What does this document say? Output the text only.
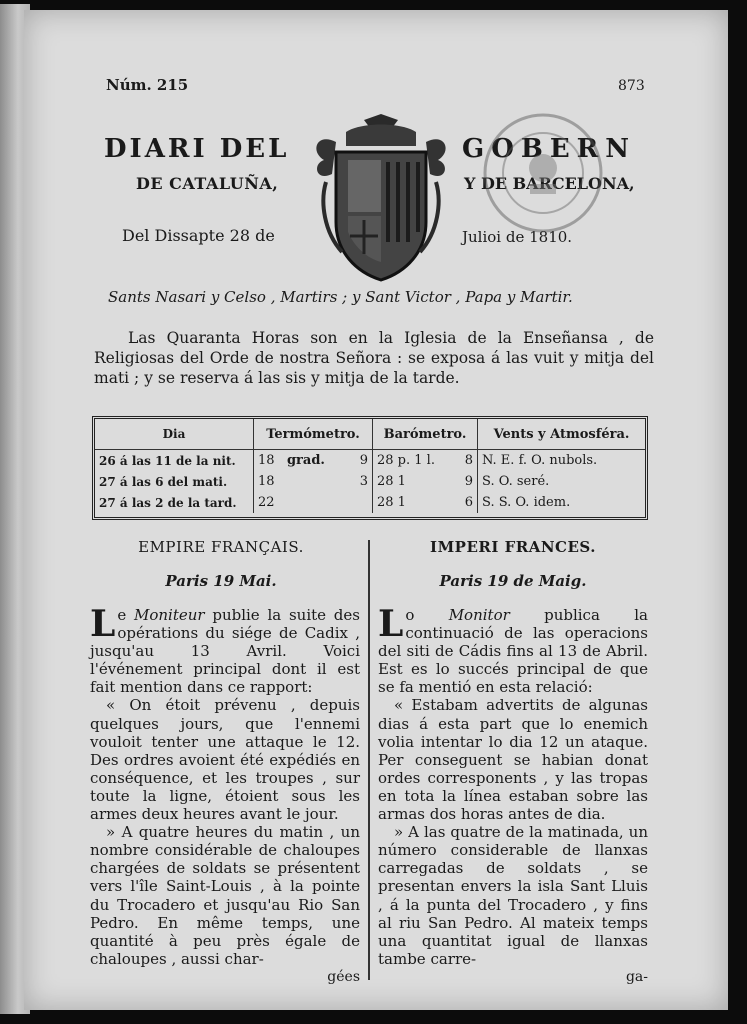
Núm. 215	873
DIARI DEL	GOBERN
DE CATALUÑA,	Y DE BARCELONA,
Del Dissapte 28 de	Julioi de 1810.
Sants Nasari y Celso , Martirs ; y Sant Victor , Papa y Martir.
Las Quaranta Horas son en la Iglesia de la Enseñansa , de Religiosas del Orde de nostra Señora : se exposa á las vuit y mitja del mati ; y se reserva á las sis y mitja de la tarde.
Dia	Termómetro.	Barómetro.	Vents y Atmosféra.
26 á las 11 de la nit.	18 grad. 9	28 p. 1 l. 8	N. E. f. O. nubols.
27 á las 6 del mati.	18 3	28 1 9	S. O. seré.
27 á las 2 de la tard.	22	28 1 6	S. S. O. idem.
EMPIRE FRANÇAIS.
Paris 19 Mai.

Le Moniteur publie la suite des opérations du siége de Cadix , jusqu'au 13 Avril. Voici l'événement principal dont il est fait mention dans ce rapport:

« On étoit prévenu , depuis quelques jours, que l'ennemi vouloit tenter une attaque le 12. Des ordres avoient été expédiés en conséquence, et les troupes , sur toute la ligne, étoient sous les armes deux heures avant le jour.

» A quatre heures du matin , un nombre considérable de chaloupes chargées de soldats se présentent vers l'île Saint-Louis , à la pointe du Trocadero et jusqu'au Rio San Pedro. En même temps, une quantité à peu près égale de chaloupes , aussi char-

gées

IMPERI FRANCES.
Paris 19 de Maig.

Lo Monitor publica la continuació de las operacions del siti de Cádis fins al 13 de Abril. Est es lo succés principal de que se fa mentió en esta relació:

« Estabam advertits de algunas dias á esta part que lo enemich volia intentar lo dia 12 un ataque. Per conseguent se habian donat ordes corresponents , y las tropas en tota la línea estaban sobre las armas dos horas antes de dia.

» A las quatre de la matinada, un número considerable de llanxas carregadas de soldats , se presentan envers la isla Sant Lluis , á la punta del Trocadero , y fins al riu San Pedro. Al mateix temps una quantitat igual de llanxas tambe carre-

ga-
